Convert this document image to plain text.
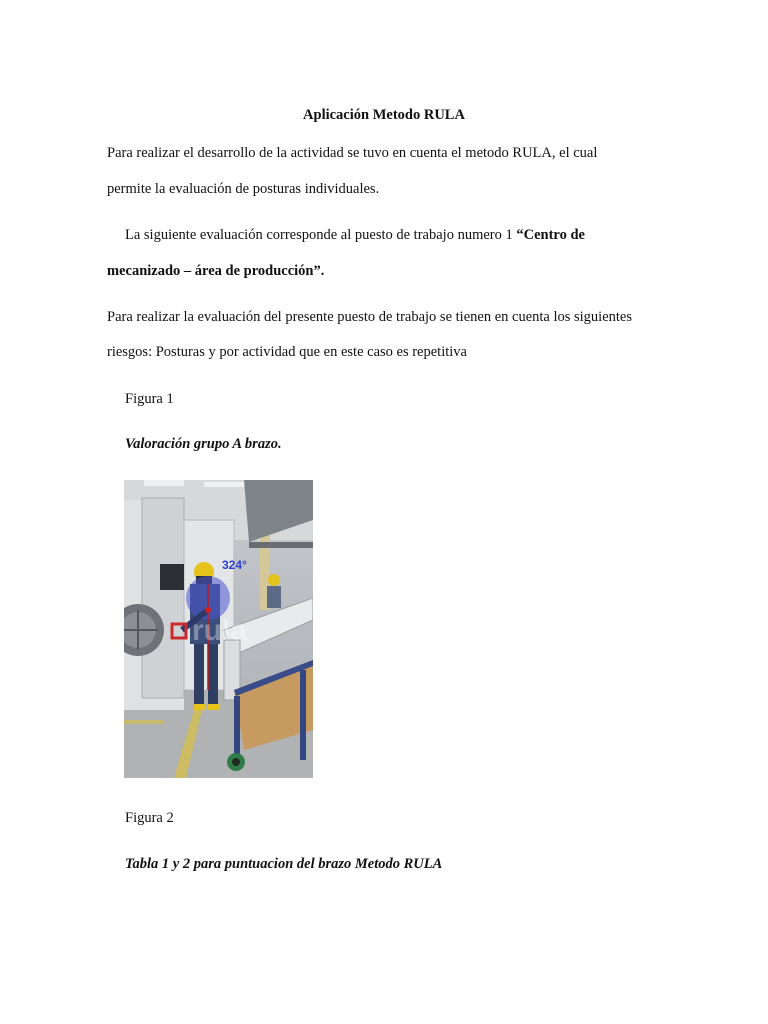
Aplicación Metodo RULA
Para realizar el desarrollo de la actividad se tuvo en cuenta el metodo RULA, el cual
permite la evaluación de posturas individuales.
La siguiente evaluación corresponde al puesto de trabajo numero 1 “Centro de
mecanizado – área de producción”.
Para realizar la evaluación del presente puesto de trabajo se tienen en cuenta los siguientes
riesgos: Posturas y por actividad que en este caso es repetitiva
Figura 1
Valoración grupo A brazo.
rula
324°
Figura 2
Tabla 1 y 2 para puntuacion del brazo Metodo RULA
